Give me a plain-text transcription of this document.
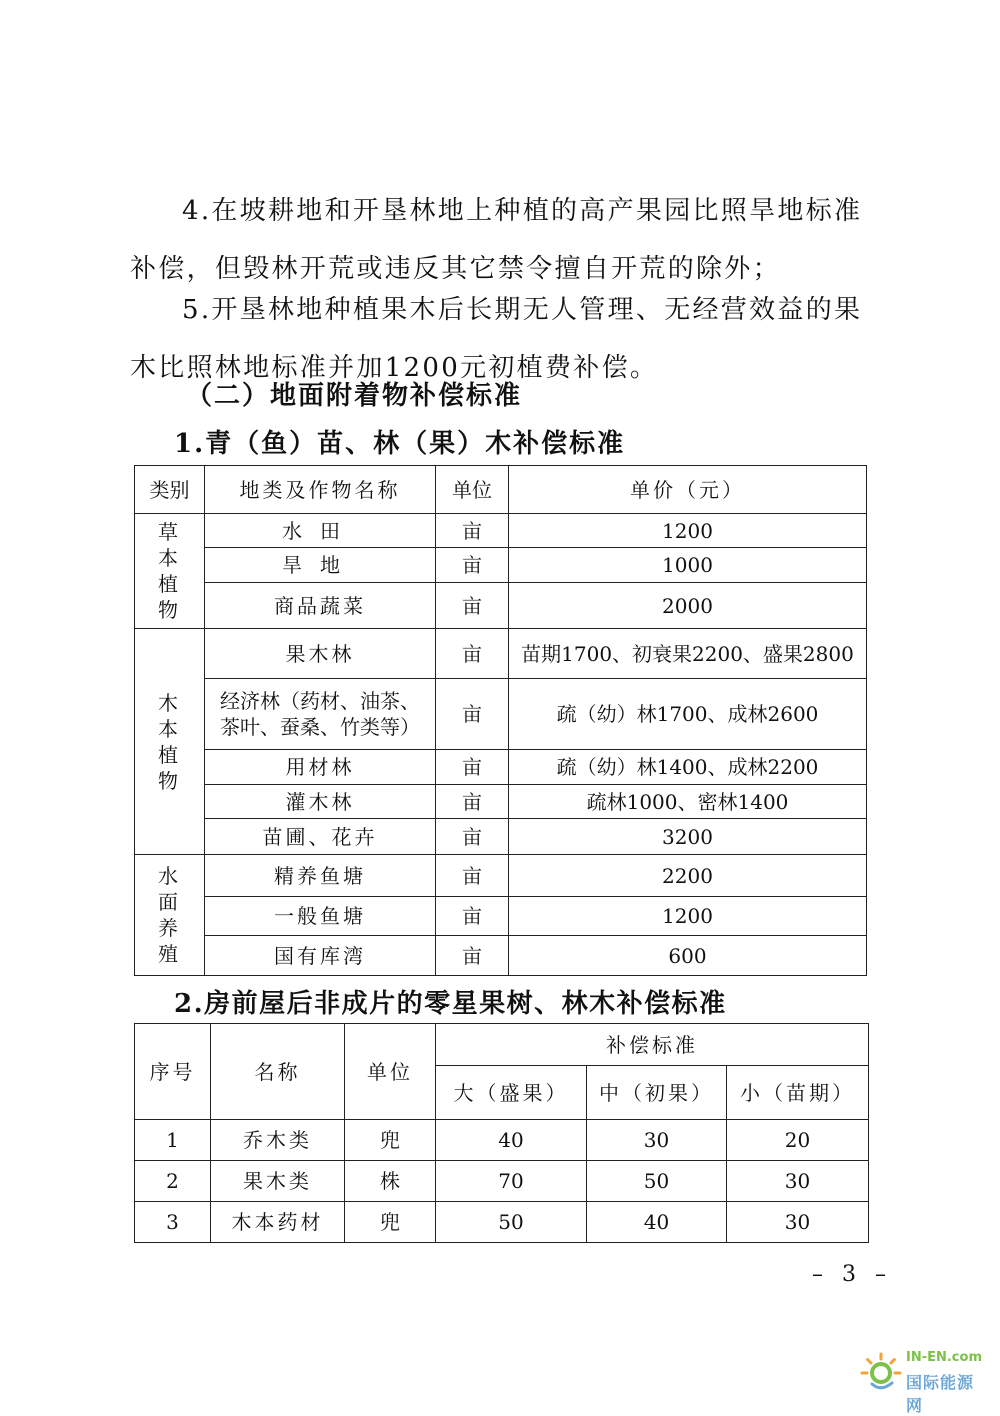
4.在坡耕地和开垦林地上种植的高产果园比照旱地标准补偿，但毁林开荒或违反其它禁令擅自开荒的除外；

5.开垦林地种植果木后长期无人管理、无经营效益的果木比照林地标准并加1200元初植费补偿。

（二）地面附着物补偿标准
1.青（鱼）苗、林（果）木补偿标准
类别	地类及作物名称	单位	单价（元）
草本植物	水田	亩	1200
	旱地	亩	1000
	商品蔬菜	亩	2000
木本植物	果木林	亩	苗期1700、初衰果2200、盛果2800
	经济林（药材、油茶、茶叶、蚕桑、竹类等）	亩	疏（幼）林1700、成林2600
	用材林	亩	疏（幼）林1400、成林2200
	灌木林	亩	疏林1000、密林1400
	苗圃、花卉	亩	3200
水面养殖	精养鱼塘	亩	2200
	一般鱼塘	亩	1200
	国有库湾	亩	600
2.房前屋后非成片的零星果树、林木补偿标准
序号	名称	单位	补偿标准		
			大（盛果）	中（初果）	小（苗期）
1	乔木类	兜	40	30	20
2	果木类	株	70	50	30
3	木本药材	兜	50	40	30
– 3 –
IN-EN.com
国际能源网
